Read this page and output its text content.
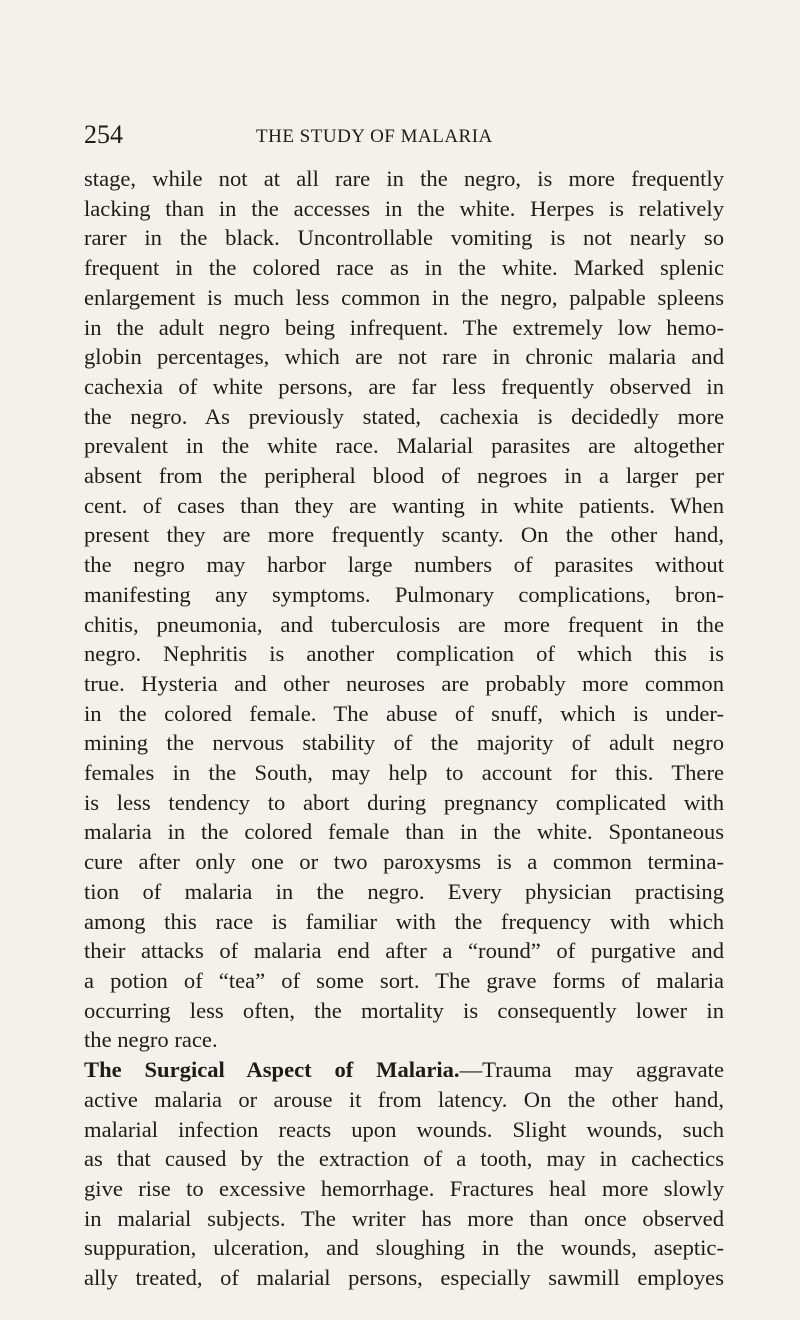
254	THE STUDY OF MALARIA
stage, while not at all rare in the negro, is more frequently
lacking than in the accesses in the white. Herpes is relatively
rarer in the black. Uncontrollable vomiting is not nearly so
frequent in the colored race as in the white. Marked splenic
enlargement is much less common in the negro, palpable spleens
in the adult negro being infrequent. The extremely low hemo-
globin percentages, which are not rare in chronic malaria and
cachexia of white persons, are far less frequently observed in
the negro. As previously stated, cachexia is decidedly more
prevalent in the white race. Malarial parasites are altogether
absent from the peripheral blood of negroes in a larger per
cent. of cases than they are wanting in white patients. When
present they are more frequently scanty. On the other hand,
the negro may harbor large numbers of parasites without
manifesting any symptoms. Pulmonary complications, bron-
chitis, pneumonia, and tuberculosis are more frequent in the
negro. Nephritis is another complication of which this is
true. Hysteria and other neuroses are probably more common
in the colored female. The abuse of snuff, which is under-
mining the nervous stability of the majority of adult negro
females in the South, may help to account for this. There
is less tendency to abort during pregnancy complicated with
malaria in the colored female than in the white. Spontaneous
cure after only one or two paroxysms is a common termina-
tion of malaria in the negro. Every physician practising
among this race is familiar with the frequency with which
their attacks of malaria end after a “round” of purgative and
a potion of “tea” of some sort. The grave forms of malaria
occurring less often, the mortality is consequently lower in
the negro race.
The Surgical Aspect of Malaria.—Trauma may aggravate
active malaria or arouse it from latency. On the other hand,
malarial infection reacts upon wounds. Slight wounds, such
as that caused by the extraction of a tooth, may in cachectics
give rise to excessive hemorrhage. Fractures heal more slowly
in malarial subjects. The writer has more than once observed
suppuration, ulceration, and sloughing in the wounds, aseptic-
ally treated, of malarial persons, especially sawmill employes
